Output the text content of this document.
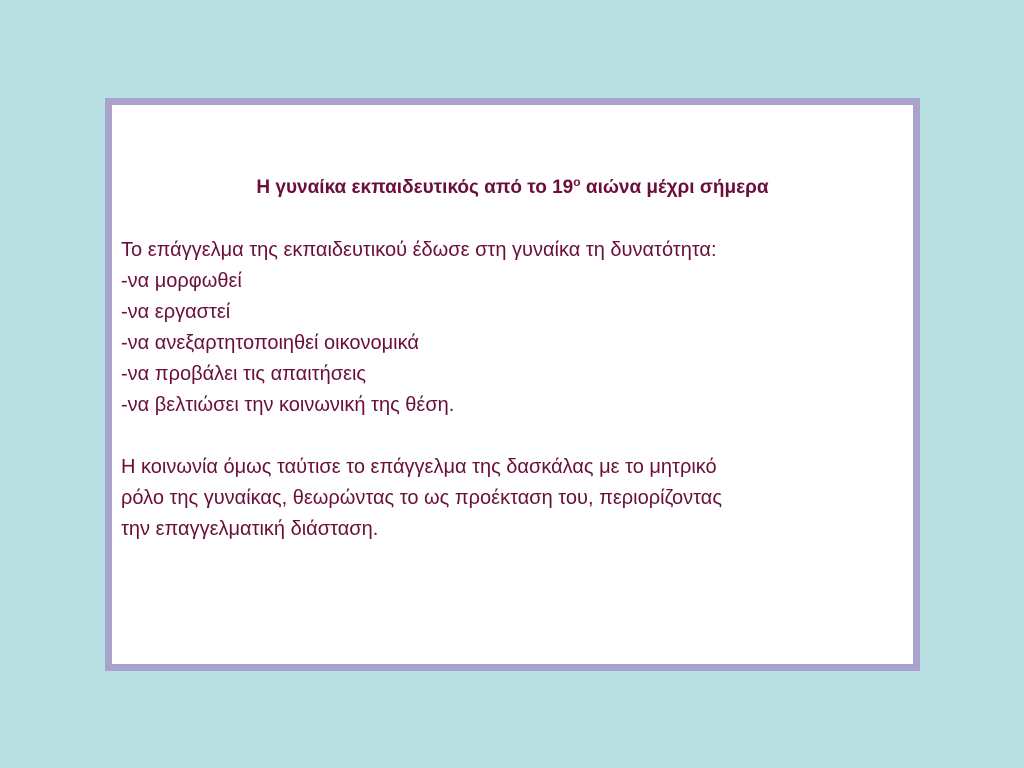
Η γυναίκα εκπαιδευτικός από το $19^o$ αιώνα μέχρι σήμερα
Το επάγγελμα της εκπαιδευτικού έδωσε στη γυναίκα τη δυνατότητα:
-να μορφωθεί
-να εργαστεί
-να ανεξαρτητοποιηθεί οικονομικά
-να προβάλει τις απαιτήσεις
-να βελτιώσει την κοινωνική της θέση.
Η κοινωνία όμως ταύτισε το επάγγελμα της δασκάλας με το μητρικό
ρόλο της γυναίκας, θεωρώντας το ως προέκταση του, περιορίζοντας
την επαγγελματική διάσταση.
